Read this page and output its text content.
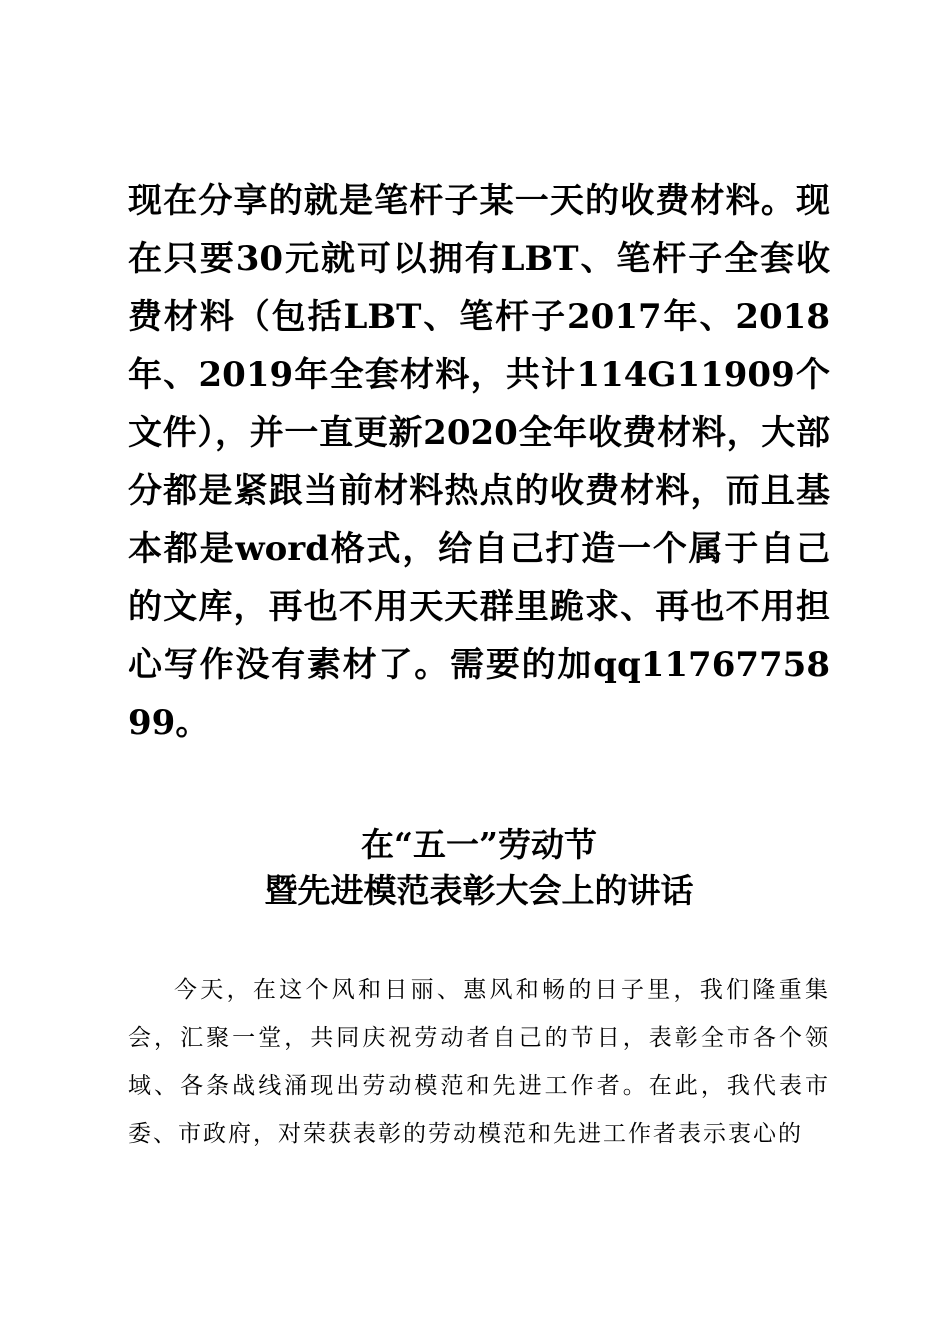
现在分享的就是笔杆子某一天的收费材料。现在只要30元就可以拥有LBT、笔杆子全套收费材料（包括LBT、笔杆子2017年、2018年、2019年全套材料，共计114G11909个文件），并一直更新2020全年收费材料，大部分都是紧跟当前材料热点的收费材料，而且基本都是word格式，给自己打造一个属于自己的文库，再也不用天天群里跪求、再也不用担心写作没有素材了。需要的加qq1176775899。
在“五一”劳动节
暨先进模范表彰大会上的讲话
今天，在这个风和日丽、惠风和畅的日子里，我们隆重集会，汇聚一堂，共同庆祝劳动者自己的节日，表彰全市各个领域、各条战线涌现出劳动模范和先进工作者。在此，我代表市委、市政府，对荣获表彰的劳动模范和先进工作者表示衷心的
